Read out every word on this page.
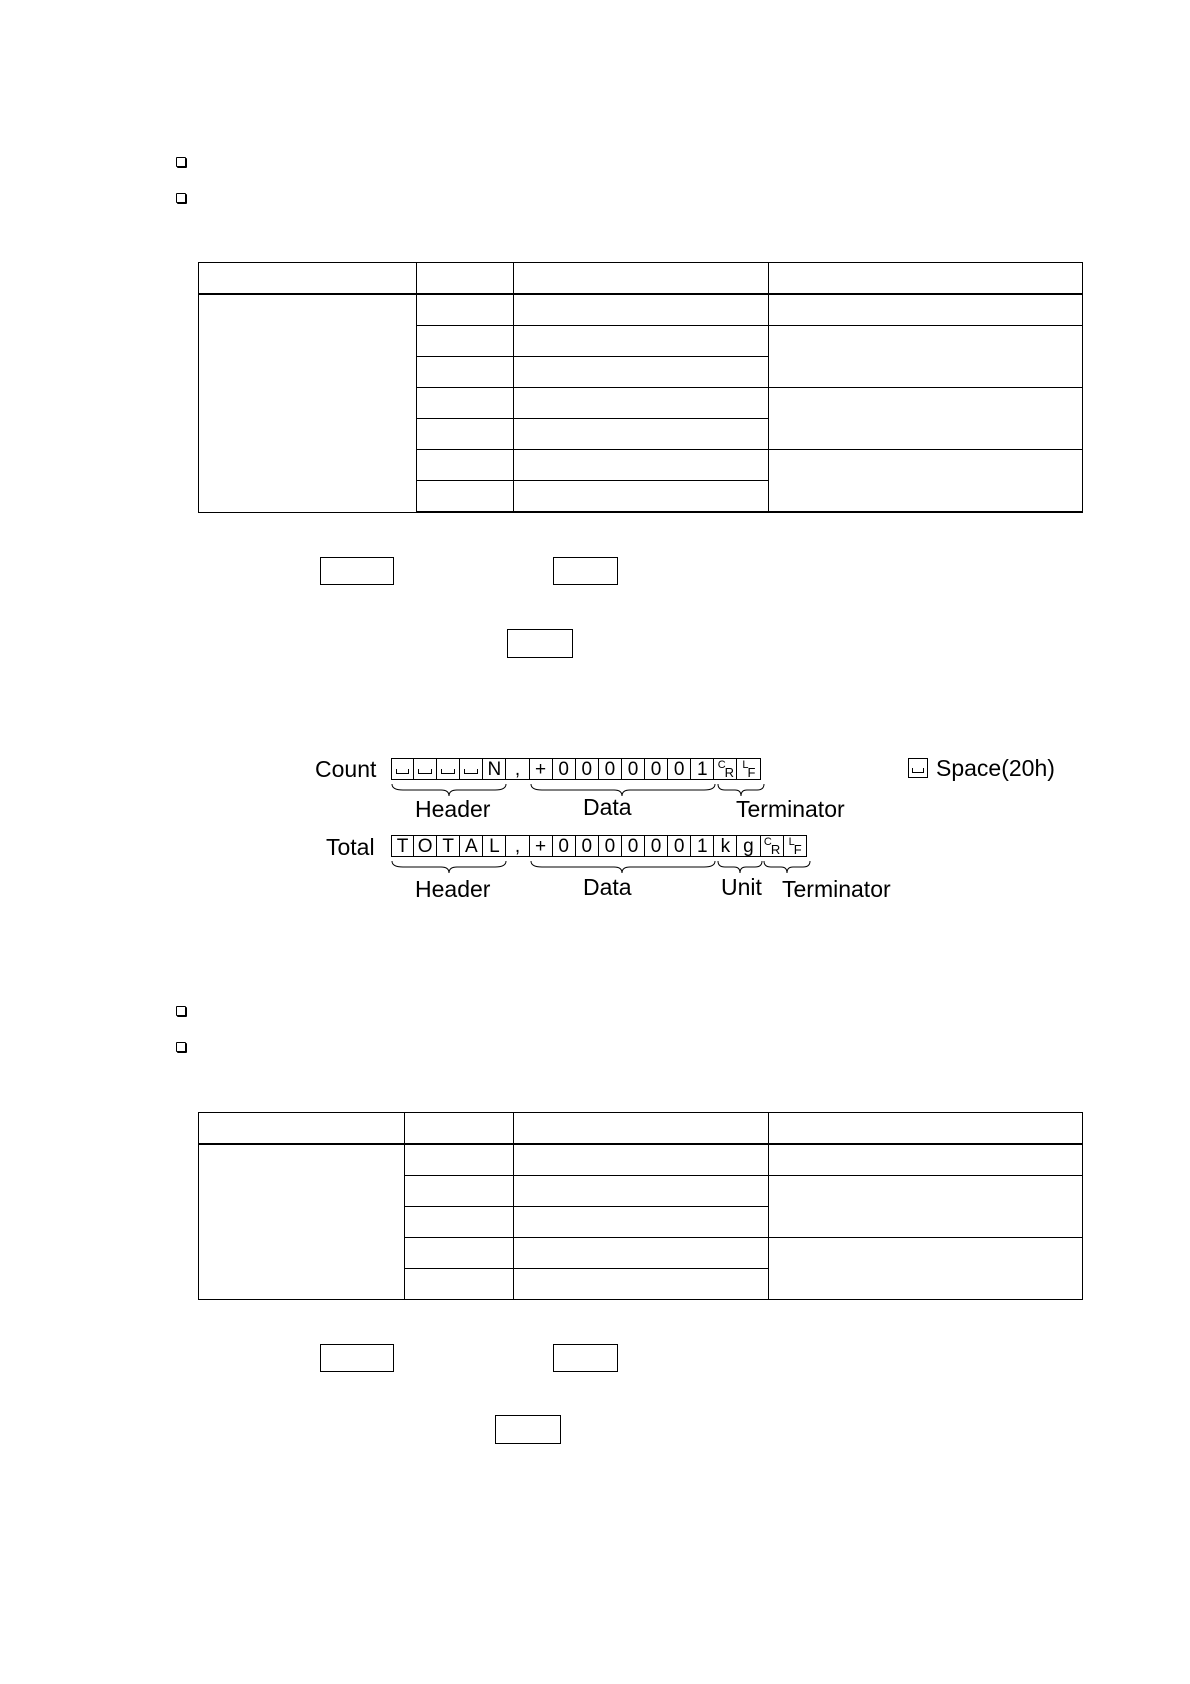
Count	N , + 0 0 0 0 0 0 1 C R L F
Header	Data	Terminator
Space(20h)
Total	T O T A L , + 0 0 0 0 0 0 1 k g C R L F
Header	Data	Unit Terminator
